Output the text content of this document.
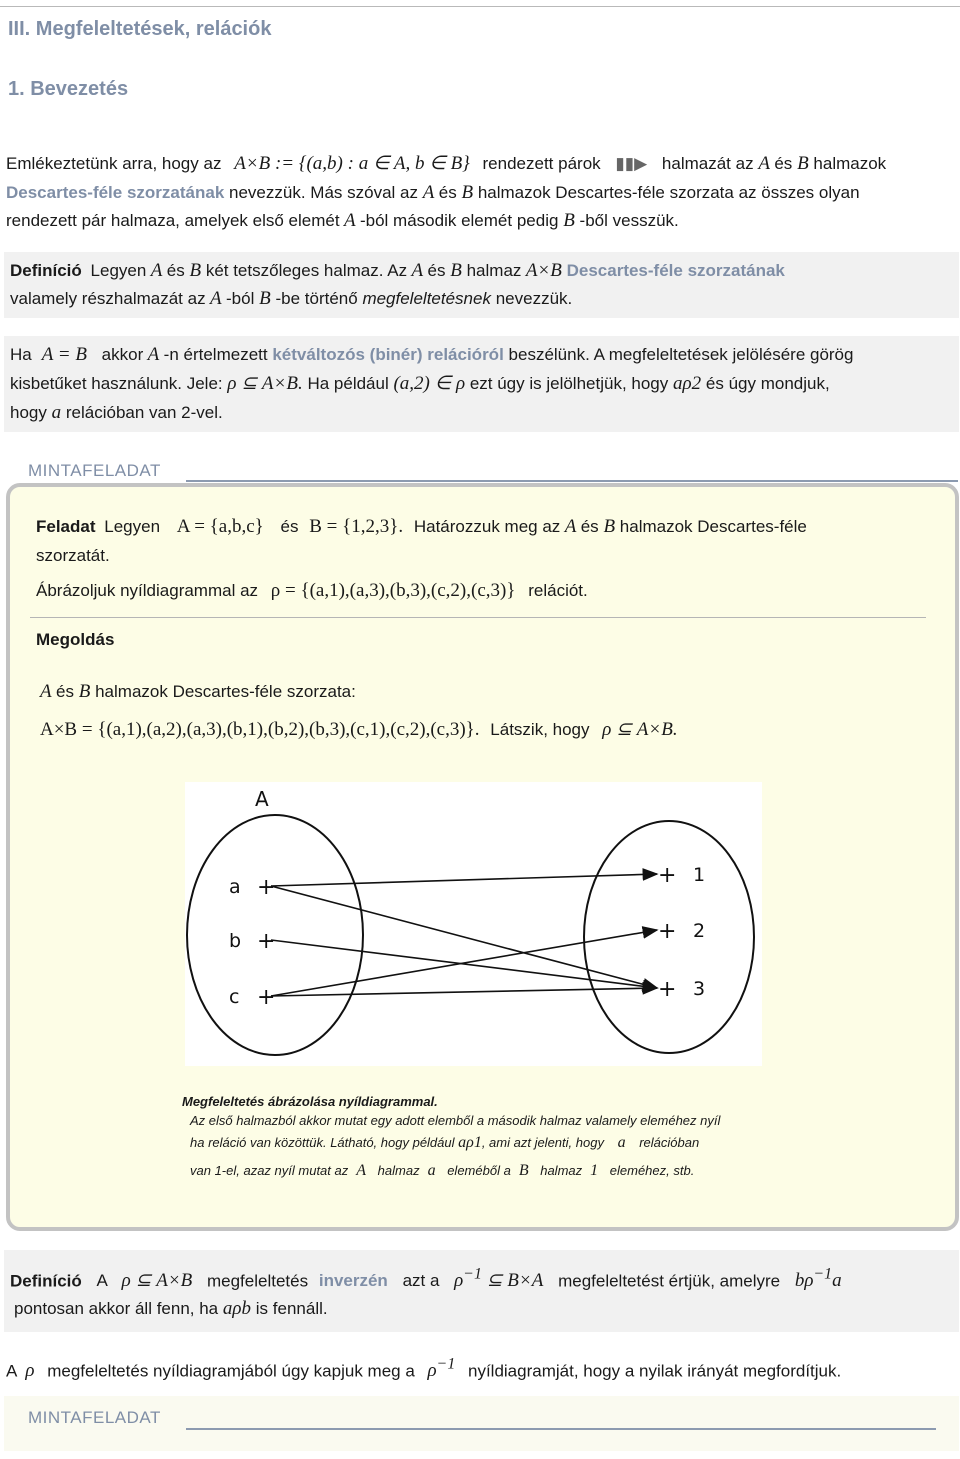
III. Megfeleltetések, relációk
1. Bevezetés
Emlékeztetünk arra, hogy az A×B := {(a,b) : a ∈ A, b ∈ B} rendezett párok ▮▮▶ halmazát az A és B halmazok
Descartes-féle szorzatának nevezzük. Más szóval az A és B halmazok Descartes-féle szorzata az összes olyan
rendezett pár halmaza, amelyek első elemét A -ból második elemét pedig B -ből vesszük.
Definíció Legyen A és B két tetszőleges halmaz. Az A és B halmaz A×B Descartes-féle szorzatának
valamely részhalmazát az A -ból B -be történő megfeleltetésnek nevezzük.
Ha A = B akkor A -n értelmezett kétváltozós (binér) relációról beszélünk. A megfeleltetések jelölésére görög
kisbetűket használunk. Jele: ρ ⊆ A×B. Ha például (a,2) ∈ ρ ezt úgy is jelölhetjük, hogy aρ2 és úgy mondjuk,
hogy a relációban van 2-vel.
MINTAFELADAT
Feladat Legyen A = {a,b,c} és B = {1,2,3}. Határozzuk meg az A és B halmazok Descartes-féle
szorzatát.
Ábrázoljuk nyíldiagrammal az ρ = {(a,1),(a,3),(b,3),(c,2),(c,3)} relációt.
Megoldás
A és B halmazok Descartes-féle szorzata:
A×B = {(a,1),(a,2),(a,3),(b,1),(b,2),(b,3),(c,1),(c,2),(c,3)}. Látszik, hogy ρ ⊆ A×B.
A
a +
b +
c +
+ 1
+ 2
+ 3
Megfeleltetés ábrázolása nyíldiagrammal.
Az első halmazból akkor mutat egy adott elemből a második halmaz valamely eleméhez nyíl
ha reláció van közöttük. Látható, hogy például aρ1, ami azt jelenti, hogy a relációban
van 1-el, azaz nyíl mutat az A halmaz a eleméből a B halmaz 1 eleméhez, stb.
Definíció A ρ ⊆ A×B megfeleltetés inverzén azt a $\rho^{-1}$ ⊆ B×A megfeleltetést értjük, amelyre $b\rho^{-1}a$
pontosan akkor áll fenn, ha aρb is fennáll.
A ρ megfeleltetés nyíldiagramjából úgy kapjuk meg a $\rho^{-1}$ nyíldiagramját, hogy a nyilak irányát megfordítjuk.
MINTAFELADAT
